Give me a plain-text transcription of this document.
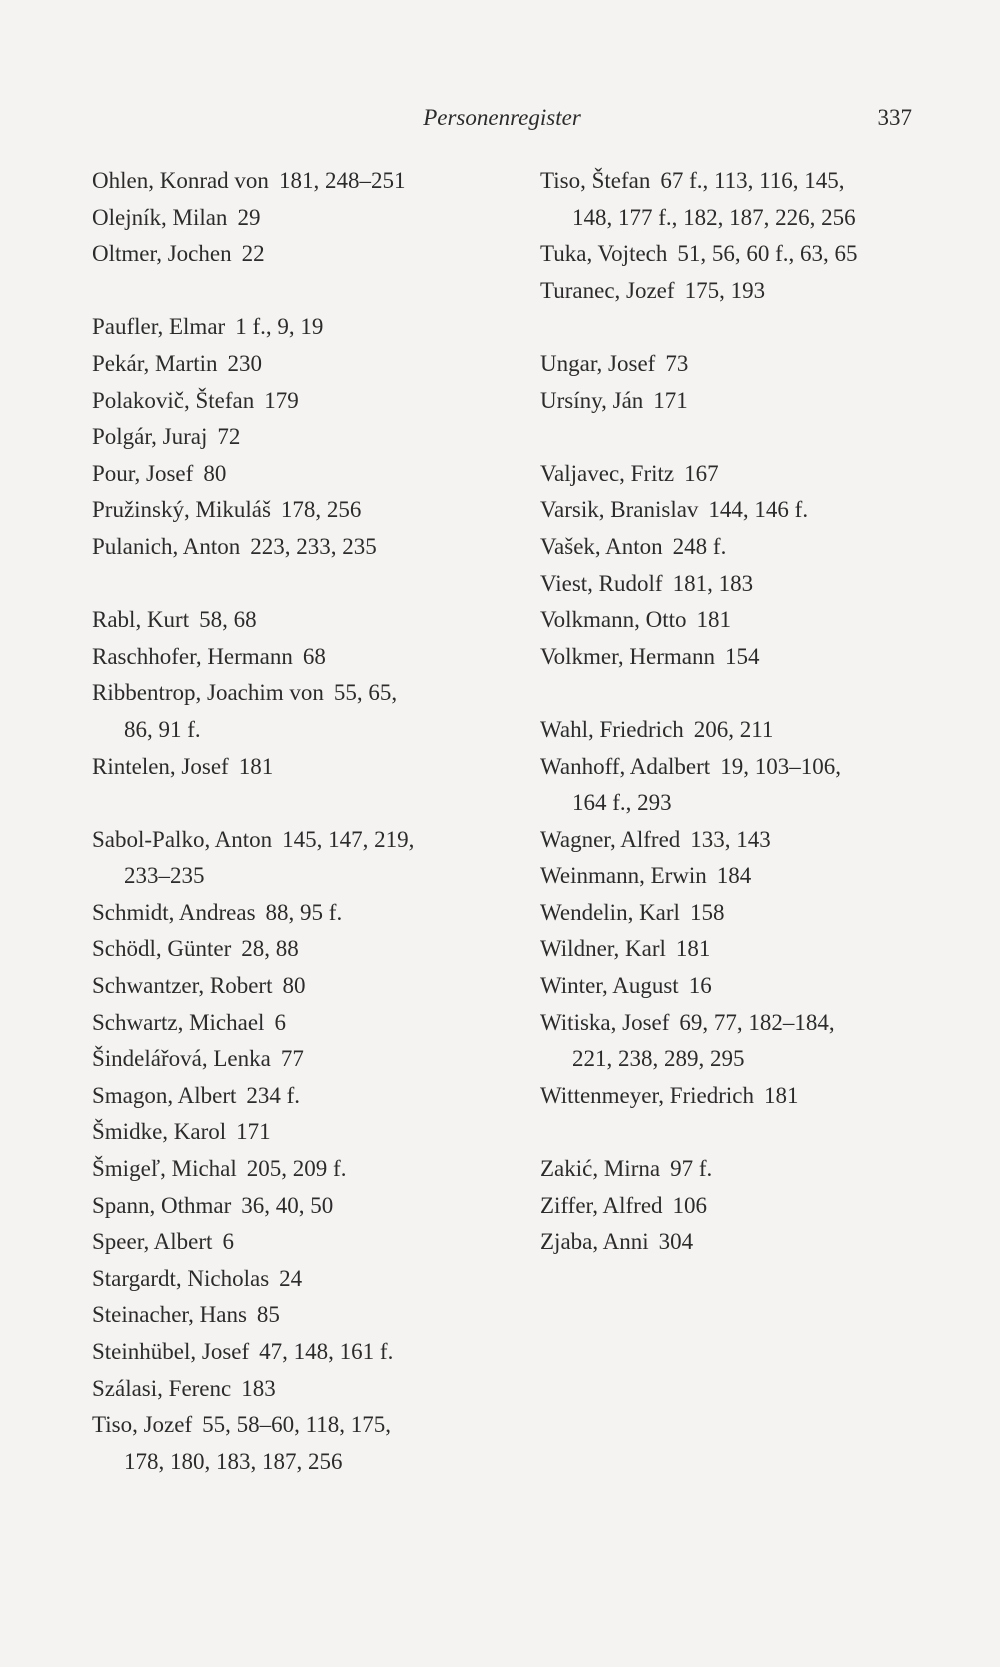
Personenregister	337
Ohlen, Konrad von 181, 248–251
Olejník, Milan 29
Oltmer, Jochen 22
Paufler, Elmar 1 f., 9, 19
Pekár, Martin 230
Polakovič, Štefan 179
Polgár, Juraj 72
Pour, Josef 80
Pružinský, Mikuláš 178, 256
Pulanich, Anton 223, 233, 235
Rabl, Kurt 58, 68
Raschhofer, Hermann 68
Ribbentrop, Joachim von 55, 65,
86, 91 f.
Rintelen, Josef 181
Sabol-Palko, Anton 145, 147, 219,
233–235
Schmidt, Andreas 88, 95 f.
Schödl, Günter 28, 88
Schwantzer, Robert 80
Schwartz, Michael 6
Šindelářová, Lenka 77
Smagon, Albert 234 f.
Šmidke, Karol 171
Šmigeľ, Michal 205, 209 f.
Spann, Othmar 36, 40, 50
Speer, Albert 6
Stargardt, Nicholas 24
Steinacher, Hans 85
Steinhübel, Josef 47, 148, 161 f.
Szálasi, Ferenc 183
Tiso, Jozef 55, 58–60, 118, 175,
178, 180, 183, 187, 256
Tiso, Štefan 67 f., 113, 116, 145,
148, 177 f., 182, 187, 226, 256
Tuka, Vojtech 51, 56, 60 f., 63, 65
Turanec, Jozef 175, 193
Ungar, Josef 73
Ursíny, Ján 171
Valjavec, Fritz 167
Varsik, Branislav 144, 146 f.
Vašek, Anton 248 f.
Viest, Rudolf 181, 183
Volkmann, Otto 181
Volkmer, Hermann 154
Wahl, Friedrich 206, 211
Wanhoff, Adalbert 19, 103–106,
164 f., 293
Wagner, Alfred 133, 143
Weinmann, Erwin 184
Wendelin, Karl 158
Wildner, Karl 181
Winter, August 16
Witiska, Josef 69, 77, 182–184,
221, 238, 289, 295
Wittenmeyer, Friedrich 181
Zakić, Mirna 97 f.
Ziffer, Alfred 106
Zjaba, Anni 304
